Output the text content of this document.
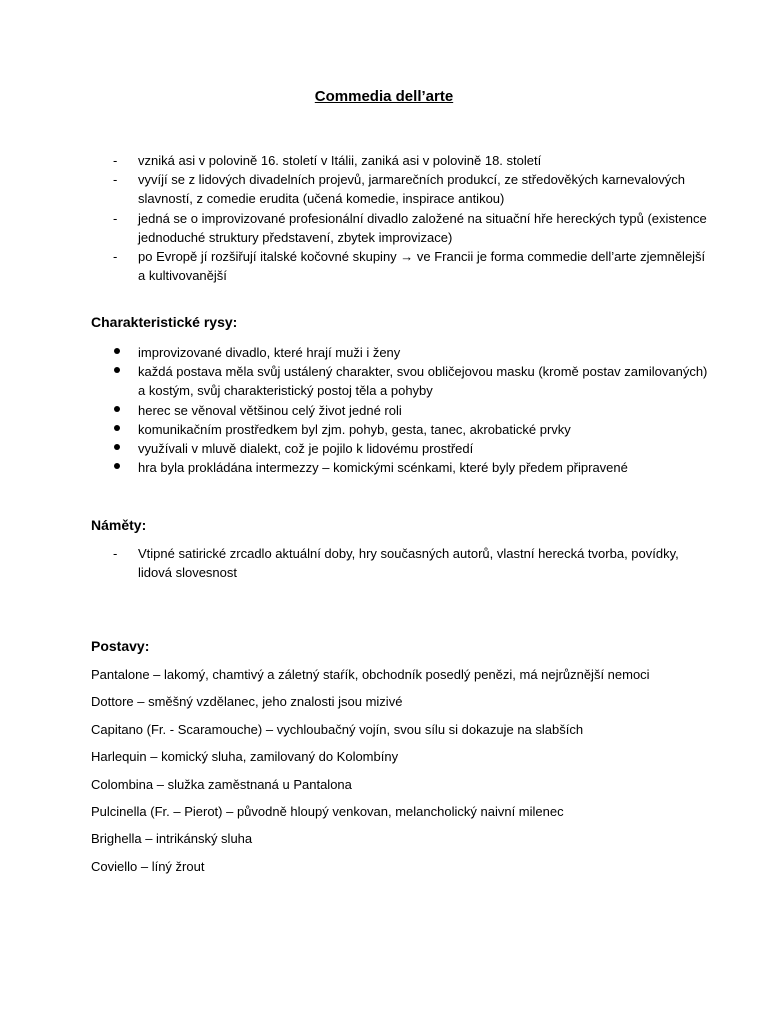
Commedia dell’arte
- vzniká asi v polovině 16. století v Itálii, zaniká asi v polovině 18. století
- vyvíjí se z lidových divadelních projevů, jarmarečních produkcí, ze středověkých karnevalových slavností, z comedie erudita (učená komedie, inspirace antikou)
- jedná se o improvizované profesionální divadlo založené na situační hře hereckých typů (existence jednoduché struktury představení, zbytek improvizace)
- po Evropě jí rozšiřují italské kočovné skupiny → ve Francii je forma commedie dell’arte zjemnělejší a kultivovanější
Charakteristické rysy:
improvizované divadlo, které hrají muži i ženy
každá postava měla svůj ustálený charakter, svou obličejovou masku (kromě postav zamilovaných) a kostým, svůj charakteristický postoj těla a pohyby
herec se věnoval většinou celý život jedné roli
komunikačním prostředkem byl zjm. pohyb, gesta, tanec, akrobatické prvky
využívali v mluvě dialekt, což je pojilo k lidovému prostředí
hra byla prokládána intermezzy – komickými scénkami, které byly předem připravené
Náměty:
- Vtipné satirické zrcadlo aktuální doby, hry současných autorů, vlastní herecká tvorba, povídky, lidová slovesnost
Postavy:
Pantalone – lakomý, chamtivý a záletný staŕík, obchodník posedlý penězi, má nejrůznější nemoci
Dottore – směšný vzdělanec, jeho znalosti jsou mizivé
Capitano (Fr. - Scaramouche) – vychloubačný vojín, svou sílu si dokazuje na slabších
Harlequin – komický sluha, zamilovaný do Kolombíny
Colombina – služka zaměstnaná u Pantalona
Pulcinella (Fr. – Pierot) – původně hloupý venkovan, melancholický naivní milenec
Brighella – intrikánský sluha
Coviello – líný žrout
